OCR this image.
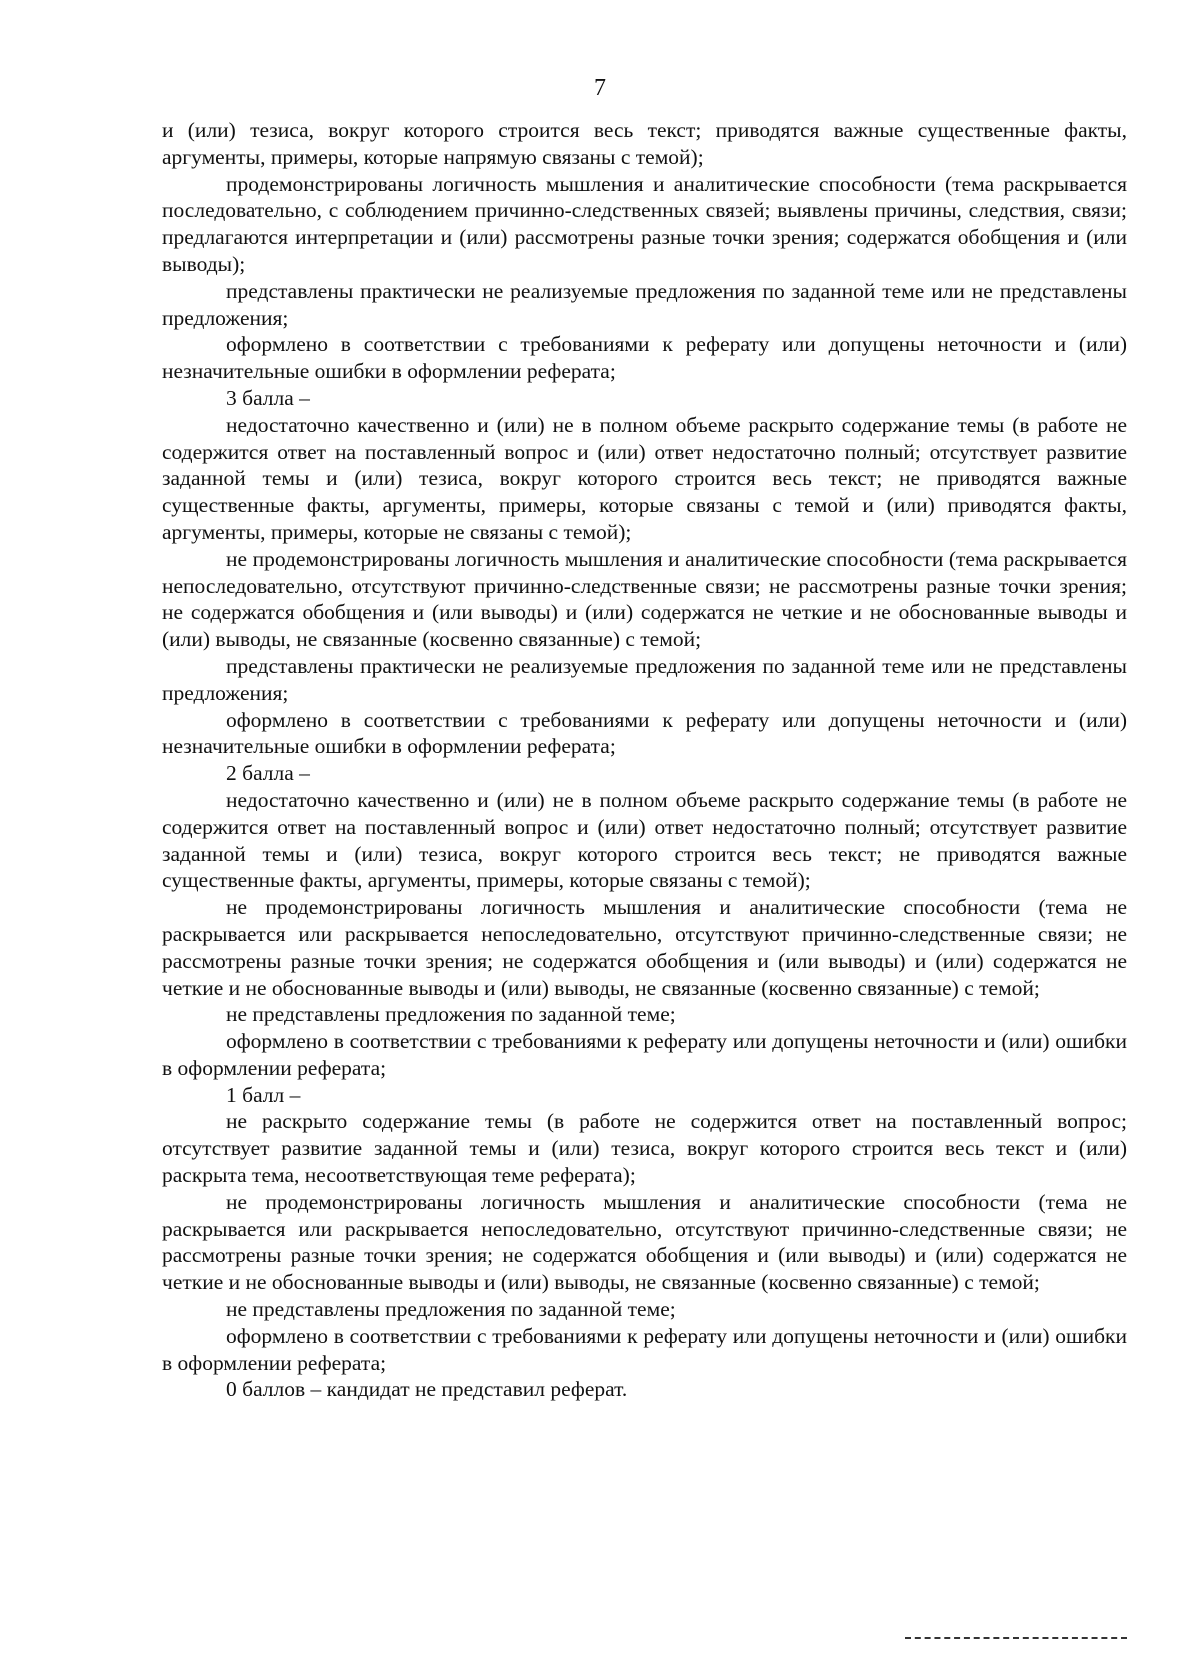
7

и (или) тезиса, вокруг которого строится весь текст; приводятся важные существенные факты, аргументы, примеры, которые напрямую связаны с темой);

продемонстрированы логичность мышления и аналитические способности (тема раскрывается последовательно, с соблюдением причинно-следственных связей; выявлены причины, следствия, связи; предлагаются интерпретации и (или) рассмотрены разные точки зрения; содержатся обобщения и (или выводы);

представлены практически не реализуемые предложения по заданной теме или не представлены предложения;

оформлено в соответствии с требованиями к реферату или допущены неточности и (или) незначительные ошибки в оформлении реферата;

3 балла –

недостаточно качественно и (или) не в полном объеме раскрыто содержание темы (в работе не содержится ответ на поставленный вопрос и (или) ответ недостаточно полный; отсутствует развитие заданной темы и (или) тезиса, вокруг которого строится весь текст; не приводятся важные существенные факты, аргументы, примеры, которые связаны с темой и (или) приводятся факты, аргументы, примеры, которые не связаны с темой);

не продемонстрированы логичность мышления и аналитические способности (тема раскрывается непоследовательно, отсутствуют причинно-следственные связи; не рассмотрены разные точки зрения; не содержатся обобщения и (или выводы) и (или) содержатся не четкие и не обоснованные выводы и (или) выводы, не связанные (косвенно связанные) с темой;

представлены практически не реализуемые предложения по заданной теме или не представлены предложения;

оформлено в соответствии с требованиями к реферату или допущены неточности и (или) незначительные ошибки в оформлении реферата;

2 балла –

недостаточно качественно и (или) не в полном объеме раскрыто содержание темы (в работе не содержится ответ на поставленный вопрос и (или) ответ недостаточно полный; отсутствует развитие заданной темы и (или) тезиса, вокруг которого строится весь текст; не приводятся важные существенные факты, аргументы, примеры, которые связаны с темой);

не продемонстрированы логичность мышления и аналитические способности (тема не раскрывается или раскрывается непоследовательно, отсутствуют причинно-следственные связи; не рассмотрены разные точки зрения; не содержатся обобщения и (или выводы) и (или) содержатся не четкие и не обоснованные выводы и (или) выводы, не связанные (косвенно связанные) с темой;

не представлены предложения по заданной теме;

оформлено в соответствии с требованиями к реферату или допущены неточности и (или) ошибки в оформлении реферата;

1 балл –

не раскрыто содержание темы (в работе не содержится ответ на поставленный вопрос; отсутствует развитие заданной темы и (или) тезиса, вокруг которого строится весь текст и (или) раскрыта тема, несоответствующая теме реферата);

не продемонстрированы логичность мышления и аналитические способности (тема не раскрывается или раскрывается непоследовательно, отсутствуют причинно-следственные связи; не рассмотрены разные точки зрения; не содержатся обобщения и (или выводы) и (или) содержатся не четкие и не обоснованные выводы и (или) выводы, не связанные (косвенно связанные) с темой;

не представлены предложения по заданной теме;

оформлено в соответствии с требованиями к реферату или допущены неточности и (или) ошибки в оформлении реферата;

0 баллов – кандидат не представил реферат.
